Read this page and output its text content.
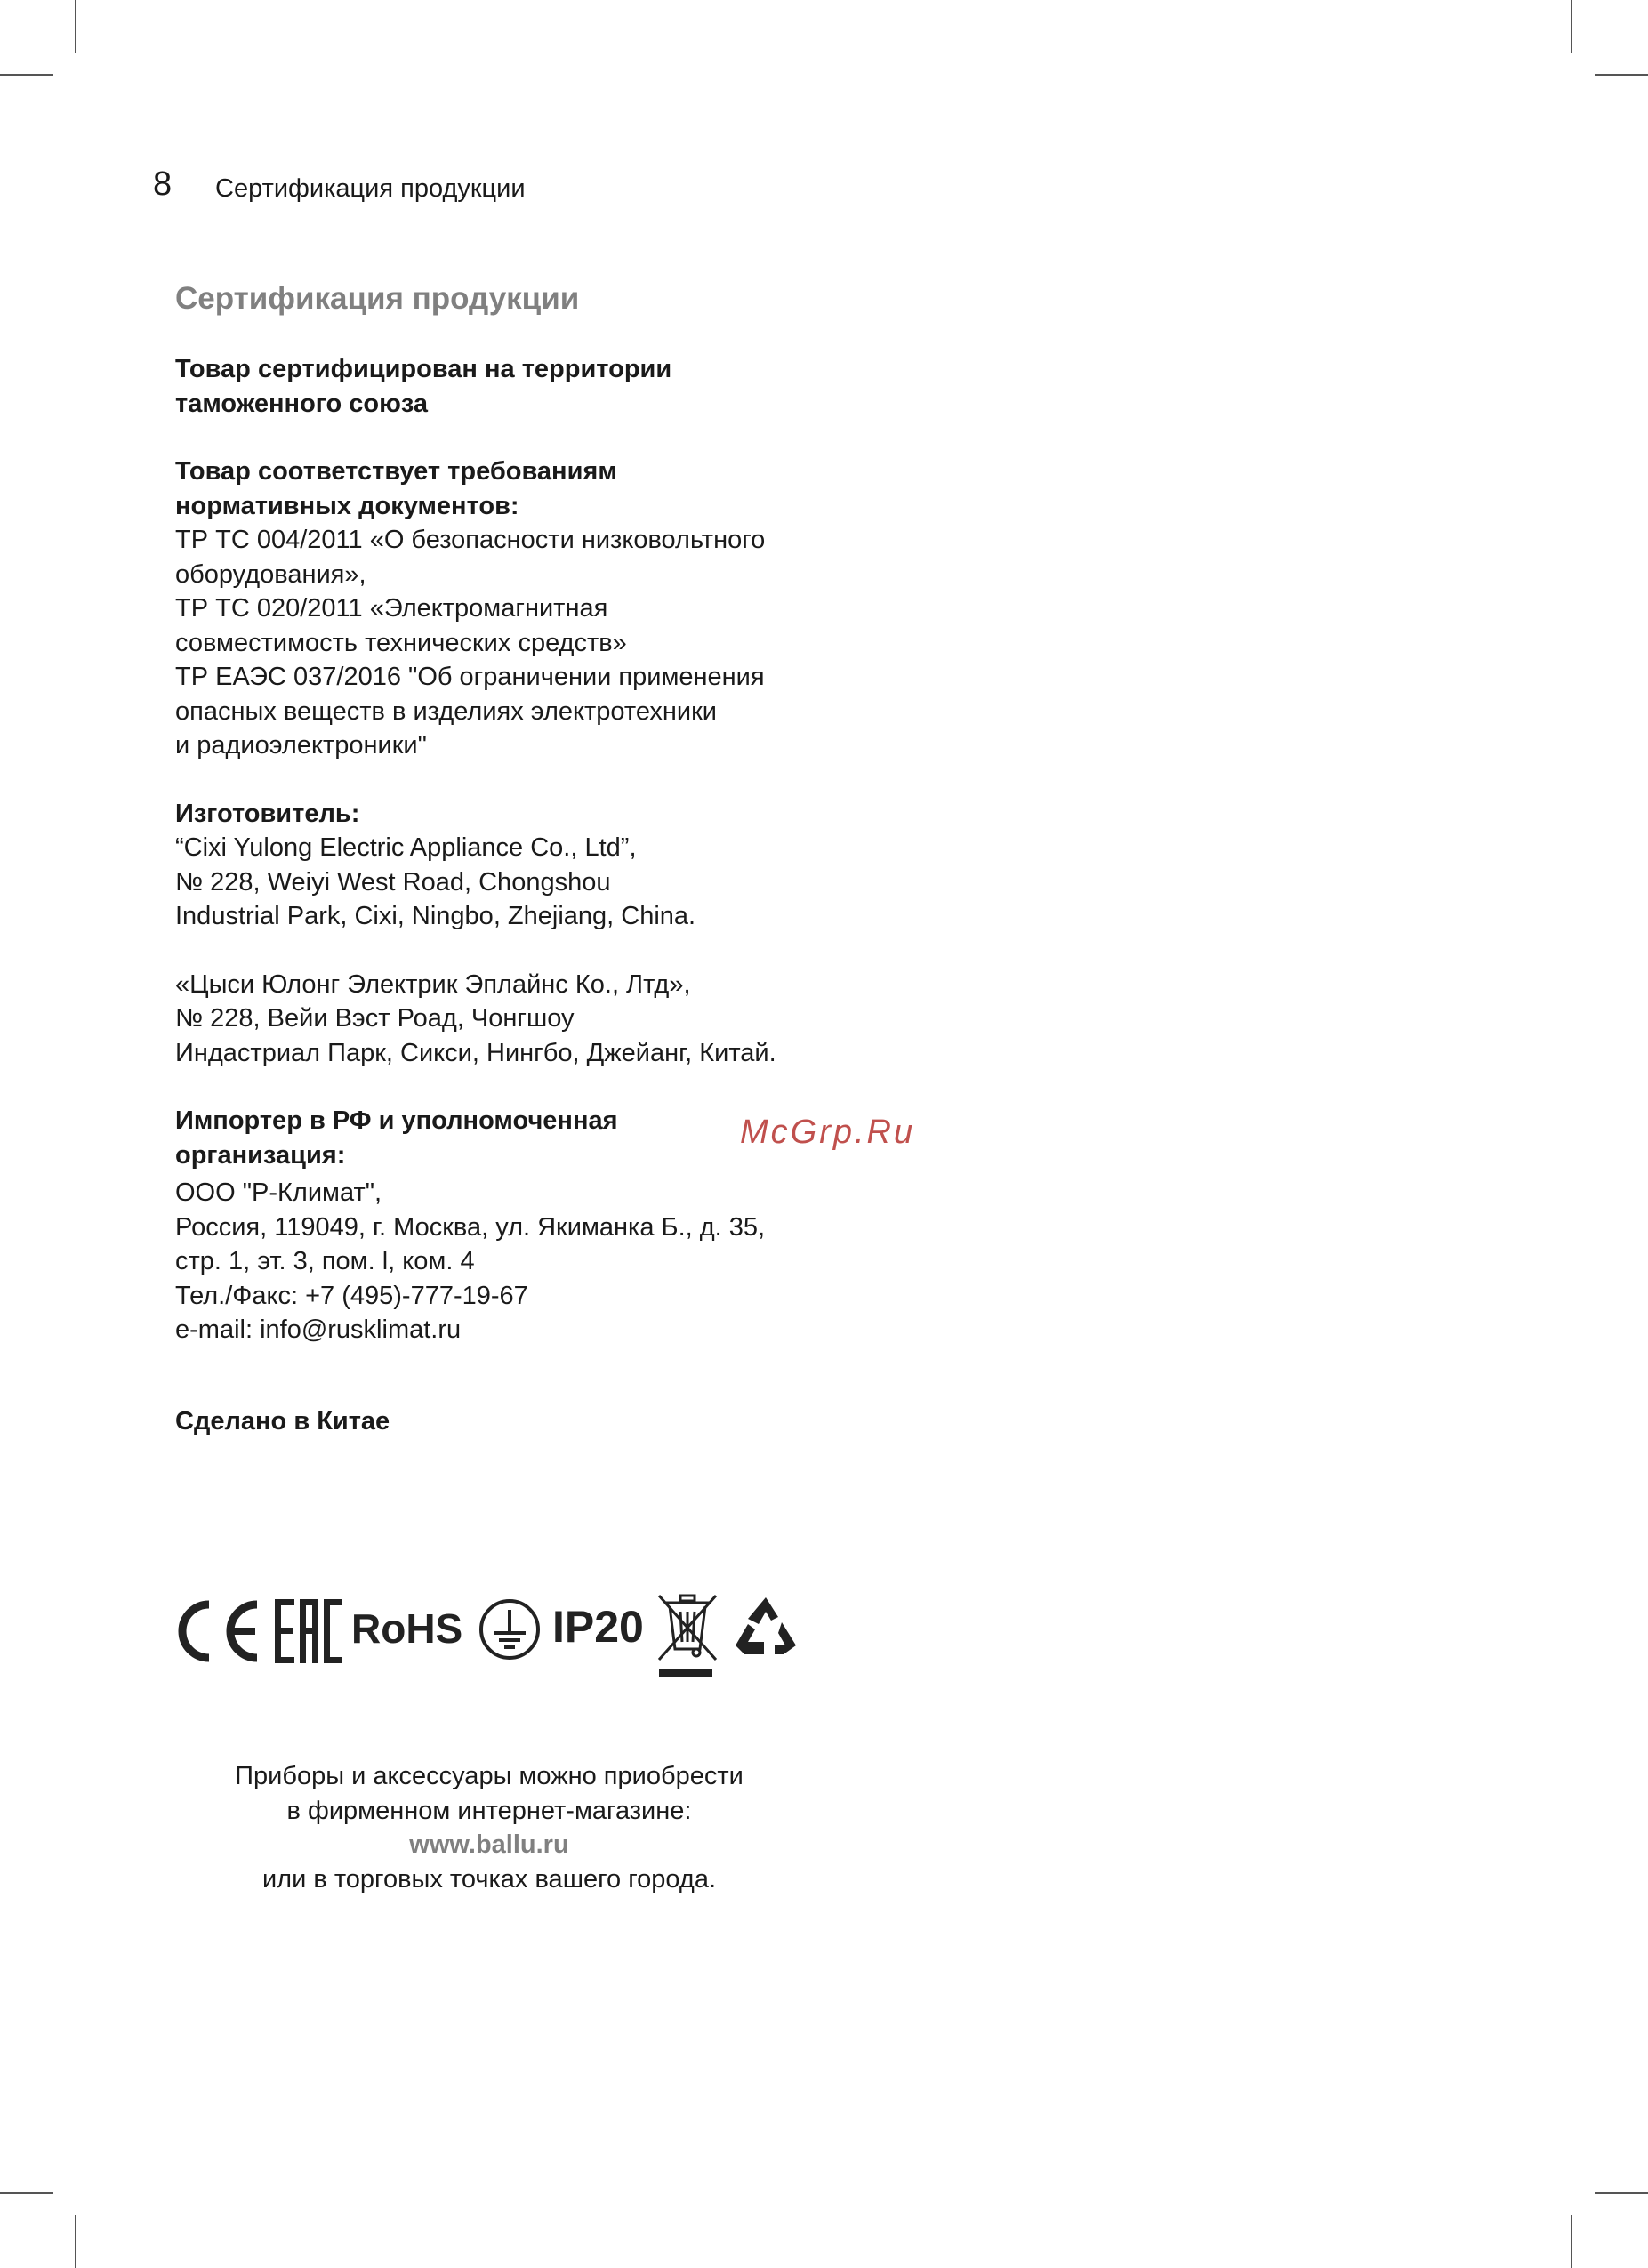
8 Сертификация продукции
Сертификация продукции
Товар сертифицирован на территории
таможенного союза
Товар соответствует требованиям
нормативных документов:
ТР ТС 004/2011 «О безопасности низковольтного
оборудования»,
ТР ТС 020/2011 «Электромагнитная
совместимость технических средств»
ТР ЕАЭС 037/2016 "Об ограничении применения
опасных веществ в изделиях электротехники
и радиоэлектроники"
Изготовитель:
“Cixi Yulong Electric Appliance Co., Ltd”,
№ 228, Weiyi West Road, Chongshou
Industrial Park, Cixi, Ningbo, Zhejiang, China.
«Цыси Юлонг Электрик Эплайнс Ко., Лтд»,
№ 228, Вейи Вэст Роад, Чонгшоу
Индастриал Парк, Сикси, Нингбо, Джейанг, Китай.
Импортер в РФ и уполномоченная
организация:
ООО "Р-Климат",
Россия, 119049, г. Москва, ул. Якиманка Б., д. 35,
стр. 1, эт. 3, пом. l, ком. 4
Тел./Факс: +7 (495)-777-19-67
e-mail: info@rusklimat.ru
Сделано в Китае
McGrp.Ru
RoHS IP20
Приборы и аксессуары можно приобрести
в фирменном интернет-магазине:
www.ballu.ru
или в торговых точках вашего города.
